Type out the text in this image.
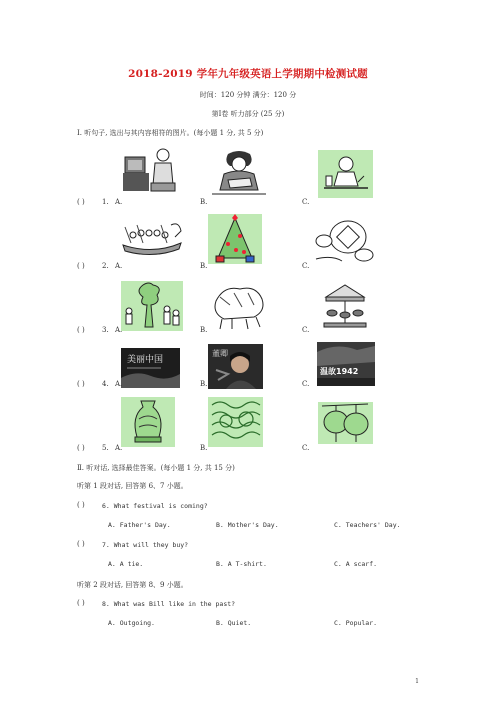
2018-2019 学年九年级英语上学期期中检测试题
时间：120 分钟 满分：120 分
第Ⅰ卷 听力部分 (25 分)
Ⅰ. 听句子, 选出与其内容相符的图片。(每小题 1 分, 共 5 分)
( ) 1. A.	B.	C.
( ) 2. A.	B.	C.
( ) 3. A.	B.	C.
美丽中国
董卿
温故1942
( ) 4. A.	B.	C.
( ) 5. A.	B.	C.
Ⅱ. 听对话, 选择最佳答案。(每小题 1 分, 共 15 分)
听第 1 段对话, 回答第 6、7 小题。
( )	6. What festival is coming?
A. Father's Day.	B. Mother's Day.	C. Teachers' Day.
( )	7. What will they buy?
A. A tie.	B. A T-shirt.	C. A scarf.
听第 2 段对话, 回答第 8、9 小题。
( )	8. What was Bill like in the past?
A. Outgoing.	B. Quiet.	C. Popular.
1
